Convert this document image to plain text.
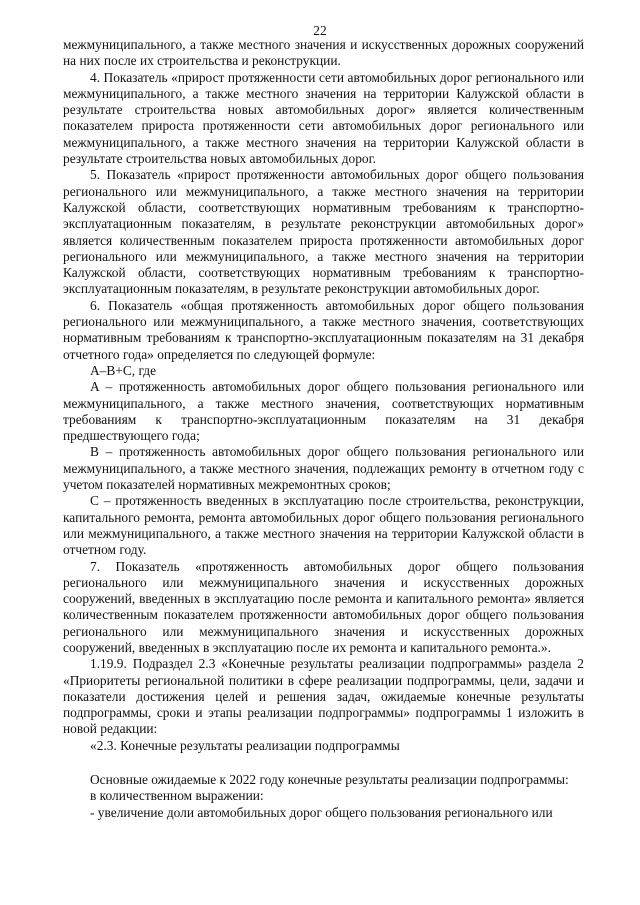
22

межмуниципального, а также местного значения и искусственных дорожных сооружений на них после их строительства и реконструкции.

4. Показатель «прирост протяженности сети автомобильных дорог регионального или межмуниципального, а также местного значения на территории Калужской области в результате строительства новых автомобильных дорог» является количественным показателем прироста протяженности сети автомобильных дорог регионального или межмуниципального, а также местного значения на территории Калужской области в результате строительства новых автомобильных дорог.

5. Показатель «прирост протяженности автомобильных дорог общего пользования регионального или межмуниципального, а также местного значения на территории Калужской области, соответствующих нормативным требованиям к транспортно-эксплуатационным показателям, в результате реконструкции автомобильных дорог» является количественным показателем прироста протяженности автомобильных дорог регионального или межмуниципального, а также местного значения на территории Калужской области, соответствующих нормативным требованиям к транспортно-эксплуатационным показателям, в результате реконструкции автомобильных дорог.

6. Показатель «общая протяженность автомобильных дорог общего пользования регионального или межмуниципального, а также местного значения, соответствующих нормативным требованиям к транспортно-эксплуатационным показателям на 31 декабря отчетного года» определяется по следующей формуле:

A–B+C, где

A – протяженность автомобильных дорог общего пользования регионального или межмуниципального, а также местного значения, соответствующих нормативным требованиям к транспортно-эксплуатационным показателям на 31 декабря предшествующего года;

B – протяженность автомобильных дорог общего пользования регионального или межмуниципального, а также местного значения, подлежащих ремонту в отчетном году с учетом показателей нормативных межремонтных сроков;

C – протяженность введенных в эксплуатацию после строительства, реконструкции, капитального ремонта, ремонта автомобильных дорог общего пользования регионального или межмуниципального, а также местного значения на территории Калужской области в отчетном году.

7. Показатель «протяженность автомобильных дорог общего пользования регионального или межмуниципального значения и искусственных дорожных сооружений, введенных в эксплуатацию после ремонта и капитального ремонта» является количественным показателем протяженности автомобильных дорог общего пользования регионального или межмуниципального значения и искусственных дорожных сооружений, введенных в эксплуатацию после их ремонта и капитального ремонта.».

1.19.9. Подраздел 2.3 «Конечные результаты реализации подпрограммы» раздела 2 «Приоритеты региональной политики в сфере реализации подпрограммы, цели, задачи и показатели достижения целей и решения задач, ожидаемые конечные результаты подпрограммы, сроки и этапы реализации подпрограммы» подпрограммы 1 изложить в новой редакции:

«2.3. Конечные результаты реализации подпрограммы

Основные ожидаемые к 2022 году конечные результаты реализации подпрограммы:

в количественном выражении:

- увеличение доли автомобильных дорог общего пользования регионального или
